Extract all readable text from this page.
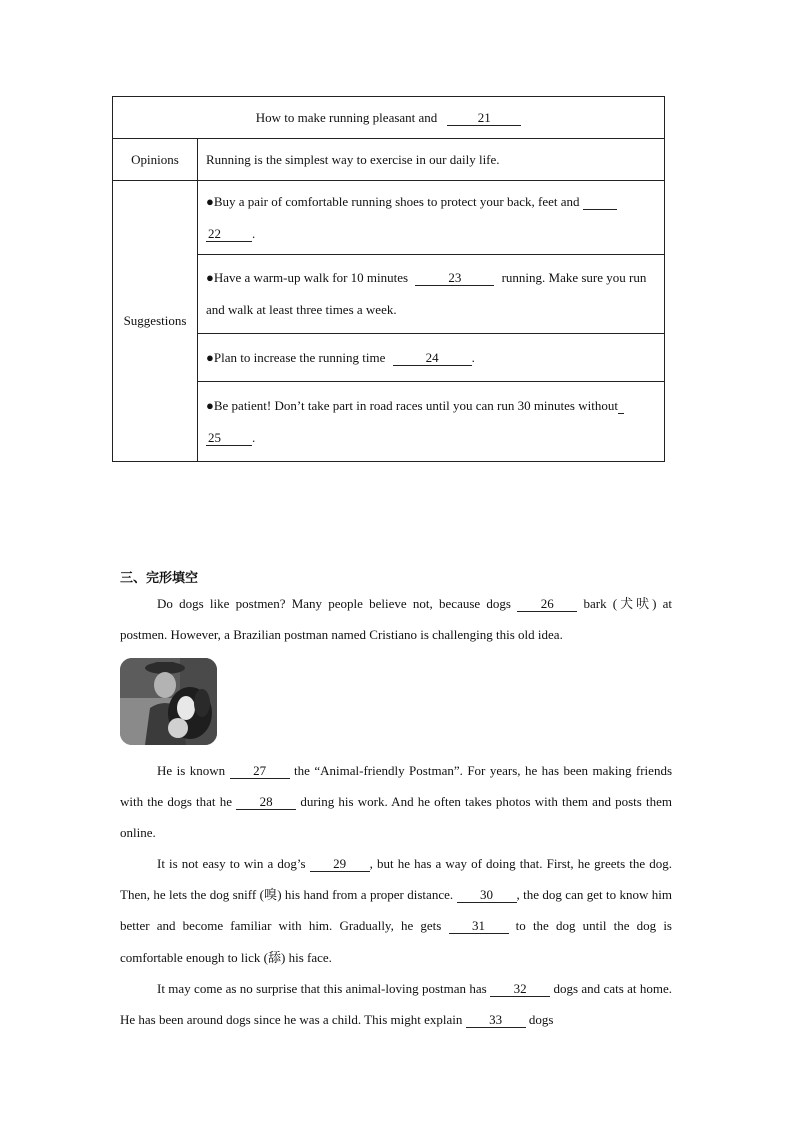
How to make running pleasant and	21
Opinions Running is the simplest way to exercise in our daily life.
Suggestions
●Buy a pair of comfortable running shoes to protect your back, feet and
22 .
●Have a warm-up walk for 10 minutes	23	running. Make sure you run and walk at least three times a week.
●Plan to increase the running time	24	.
●Be patient! Don’t take part in road races until you can run 30 minutes without
25 .
三、完形填空
Do dogs like postmen? Many people believe not, because dogs 26 bark (犬吠) at postmen. However, a Brazilian postman named Cristiano is challenging this old idea.
He is known 27 the “Animal-friendly Postman”. For years, he has been making friends with the dogs that he 28 during his work. And he often takes photos with them and posts them online.
It is not easy to win a dog’s 29 , but he has a way of doing that. First, he greets the dog. Then, he lets the dog sniff (嗅) his hand from a proper distance. 30 , the dog can get to know him better and become familiar with him. Gradually, he gets 31 to the dog until the dog is comfortable enough to lick (舔) his face.
It may come as no surprise that this animal-loving postman has 32 dogs and cats at home. He has been around dogs since he was a child. This might explain 33 dogs
